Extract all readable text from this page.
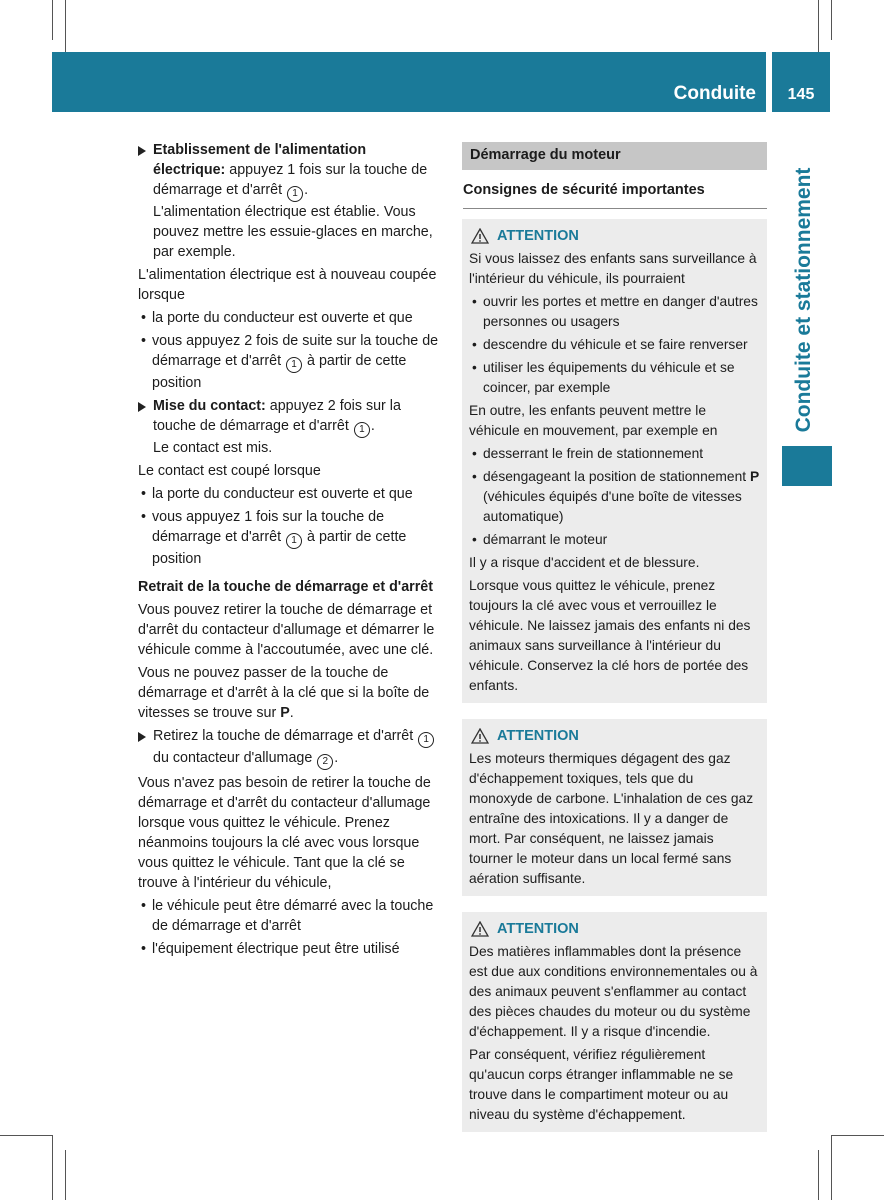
Conduite	145
Conduite et stationnement
Etablissement de l'alimentation électrique: appuyez 1 fois sur la touche de démarrage et d'arrêt 1 .
L'alimentation électrique est établie. Vous pouvez mettre les essuie-glaces en marche, par exemple.

L'alimentation électrique est à nouveau coupée lorsque

• la porte du conducteur est ouverte et que
• vous appuyez 2 fois de suite sur la touche de démarrage et d'arrêt 1 à partir de cette position
Mise du contact: appuyez 2 fois sur la touche de démarrage et d'arrêt 1 .
Le contact est mis.

Le contact est coupé lorsque

• la porte du conducteur est ouverte et que
• vous appuyez 1 fois sur la touche de démarrage et d'arrêt 1 à partir de cette position
Retrait de la touche de démarrage et d'arrêt

Vous pouvez retirer la touche de démarrage et d'arrêt du contacteur d'allumage et démarrer le véhicule comme à l'accoutumée, avec une clé.

Vous ne pouvez passer de la touche de démarrage et d'arrêt à la clé que si la boîte de vitesses se trouve sur P.

Retirez la touche de démarrage et d'arrêt 1 du contacteur d'allumage 2 .

Vous n'avez pas besoin de retirer la touche de démarrage et d'arrêt du contacteur d'allumage lorsque vous quittez le véhicule. Prenez néanmoins toujours la clé avec vous lorsque vous quittez le véhicule. Tant que la clé se trouve à l'intérieur du véhicule,

• le véhicule peut être démarré avec la touche de démarrage et d'arrêt
• l'équipement électrique peut être utilisé
Démarrage du moteur
Consignes de sécurité importantes
ATTENTION

Si vous laissez des enfants sans surveillance à l'intérieur du véhicule, ils pourraient

• ouvrir les portes et mettre en danger d'autres personnes ou usagers
• descendre du véhicule et se faire renverser
• utiliser les équipements du véhicule et se coincer, par exemple

En outre, les enfants peuvent mettre le véhicule en mouvement, par exemple en

• desserrant le frein de stationnement
• désengageant la position de stationnement P (véhicules équipés d'une boîte de vitesses automatique)
• démarrant le moteur

Il y a risque d'accident et de blessure.

Lorsque vous quittez le véhicule, prenez toujours la clé avec vous et verrouillez le véhicule. Ne laissez jamais des enfants ni des animaux sans surveillance à l'intérieur du véhicule. Conservez la clé hors de portée des enfants.

ATTENTION

Les moteurs thermiques dégagent des gaz d'échappement toxiques, tels que du monoxyde de carbone. L'inhalation de ces gaz entraîne des intoxications. Il y a danger de mort. Par conséquent, ne laissez jamais tourner le moteur dans un local fermé sans aération suffisante.

ATTENTION

Des matières inflammables dont la présence est due aux conditions environnementales ou à des animaux peuvent s'enflammer au contact des pièces chaudes du moteur ou du système d'échappement. Il y a risque d'incendie.

Par conséquent, vérifiez régulièrement qu'aucun corps étranger inflammable ne se trouve dans le compartiment moteur ou au niveau du système d'échappement.
